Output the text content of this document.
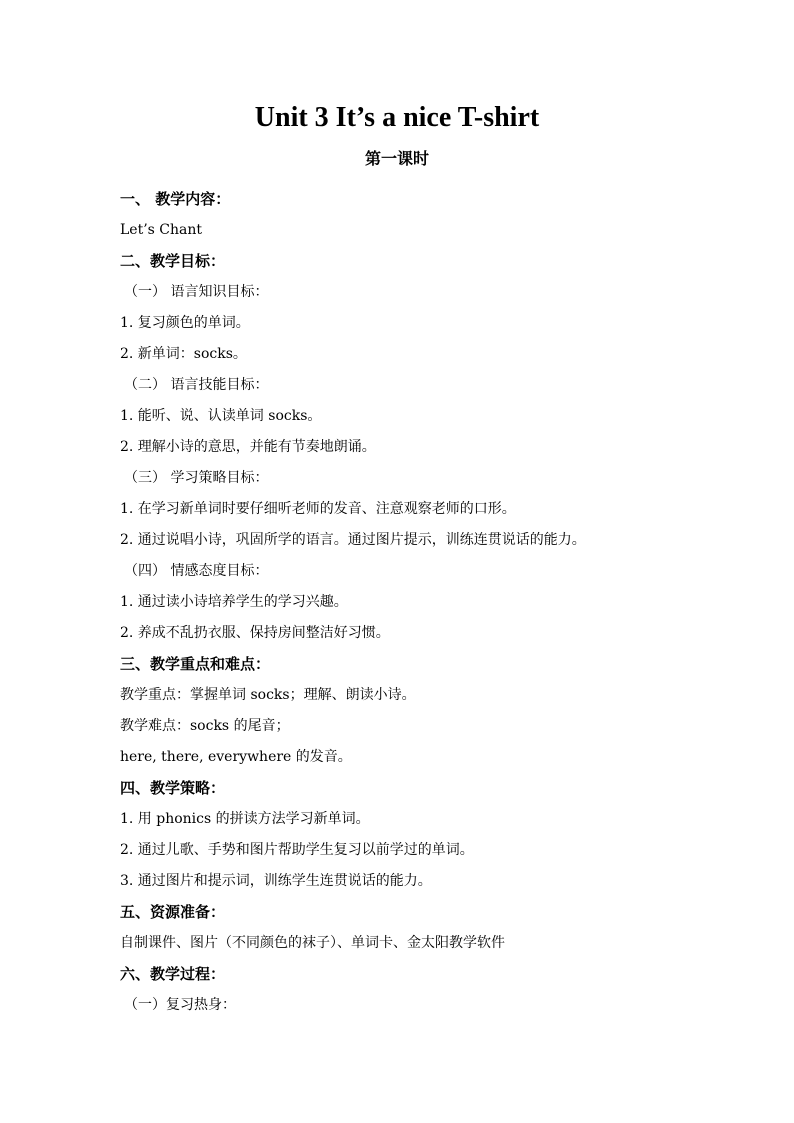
Unit 3 It’s a nice T-shirt
第一课时
一、 教学内容：
Let’s Chant
二、教学目标：
（一） 语言知识目标：
1. 复习颜色的单词。
2. 新单词：socks。
（二） 语言技能目标：
1. 能听、说、认读单词 socks。
2. 理解小诗的意思，并能有节奏地朗诵。
（三） 学习策略目标：
1. 在学习新单词时要仔细听老师的发音、注意观察老师的口形。
2. 通过说唱小诗，巩固所学的语言。通过图片提示，训练连贯说话的能力。
（四） 情感态度目标：
1. 通过读小诗培养学生的学习兴趣。
2. 养成不乱扔衣服、保持房间整洁好习惯。
三、教学重点和难点：
教学重点：掌握单词 socks；理解、朗读小诗。
教学难点：socks 的尾音；
here, there, everywhere 的发音。
四、教学策略：
1. 用 phonics 的拼读方法学习新单词。
2. 通过儿歌、手势和图片帮助学生复习以前学过的单词。
3. 通过图片和提示词，训练学生连贯说话的能力。
五、资源准备：
自制课件、图片（不同颜色的袜子）、单词卡、金太阳教学软件
六、教学过程：
（一）复习热身：
